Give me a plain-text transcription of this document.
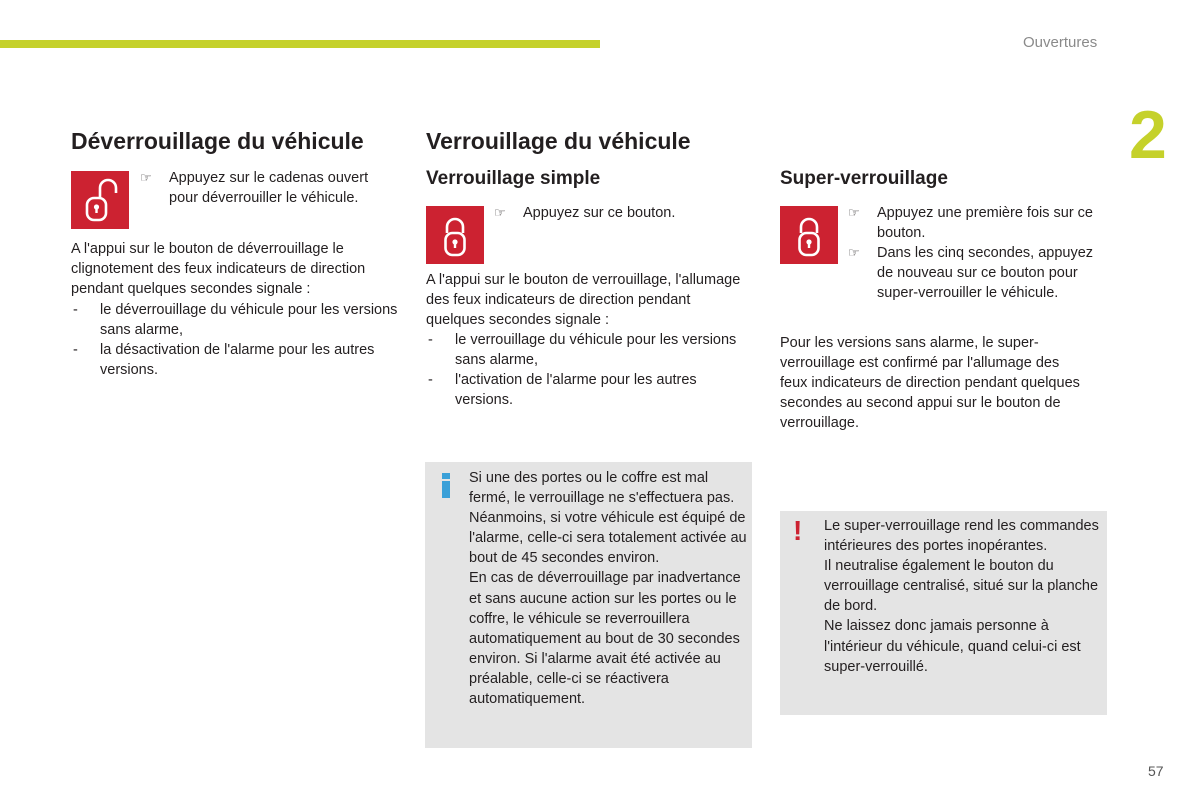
Ouvertures
2
Déverrouillage du véhicule
☞	Appuyez sur le cadenas ouvert pour déverrouiller le véhicule.
A l'appui sur le bouton de déverrouillage le clignotement des feux indicateurs de direction pendant quelques secondes signale :
- le déverrouillage du véhicule pour les versions sans alarme,
- la désactivation de l'alarme pour les autres versions.
Verrouillage du véhicule
Verrouillage simple
☞	Appuyez sur ce bouton.
A l'appui sur le bouton de verrouillage, l'allumage des feux indicateurs de direction pendant quelques secondes signale :
- le verrouillage du véhicule pour les versions sans alarme,
- l'activation de l'alarme pour les autres versions.

Si une des portes ou le coffre est mal fermé, le verrouillage ne s'effectuera pas. Néanmoins, si votre véhicule est équipé de l'alarme, celle-ci sera totalement activée au bout de 45 secondes environ.

En cas de déverrouillage par inadvertance et sans aucune action sur les portes ou le coffre, le véhicule se reverrouillera automatiquement au bout de 30 secondes environ. Si l'alarme avait été activée au préalable, celle-ci se réactivera automatiquement.

Super-verrouillage
☞	Appuyez une première fois sur ce bouton.
☞	Dans les cinq secondes, appuyez de nouveau sur ce bouton pour super-verrouiller le véhicule.
Pour les versions sans alarme, le super-verrouillage est confirmé par l'allumage des feux indicateurs de direction pendant quelques secondes au second appui sur le bouton de verrouillage.
! Le super-verrouillage rend les commandes intérieures des portes inopérantes.

Il neutralise également le bouton du verrouillage centralisé, situé sur la planche de bord.

Ne laissez donc jamais personne à l'intérieur du véhicule, quand celui-ci est super-verrouillé.

57
